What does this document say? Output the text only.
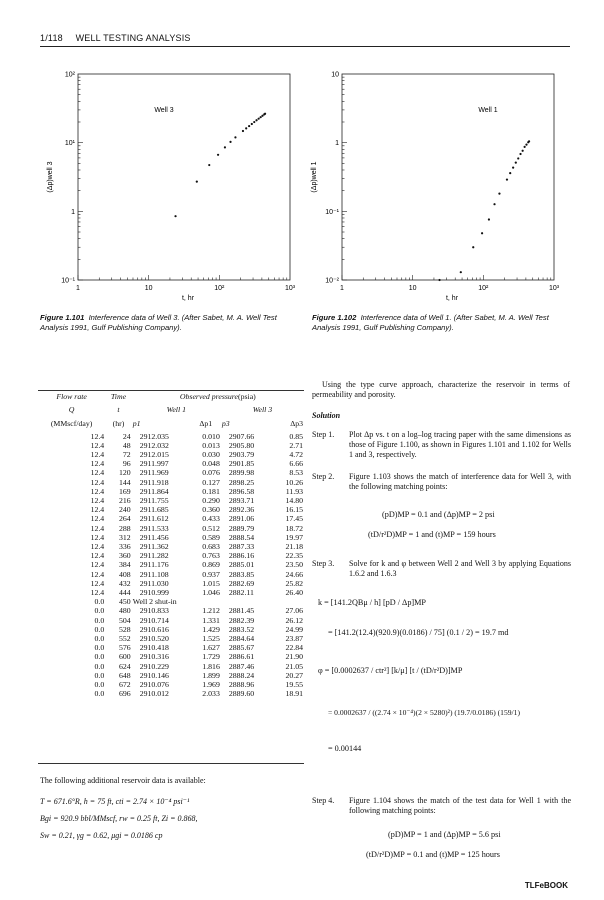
1/118 WELL TESTING ANALYSIS
1	10	10²	10³
10⁻¹
1
10¹
10²
t, hr
(Δp)well 3
Well 3
1	10	10²	10³
10⁻²
10⁻¹
1
10
t, hr
(Δp)well 1
Well 1
Figure 1.101 Interference data of Well 3. (After Sabet, M. A. Well Test Analysis 1991, Gulf Publishing Company).
Figure 1.102 Interference data of Well 1. (After Sabet, M. A. Well Test Analysis 1991, Gulf Publishing Company).
Flow rate	Time	Observed pressure(psia)			
Q	t	Well 1		Well 3	
(MMscf/day)	(hr)	p1	Δp1	p3	Δp3
12.4	24	2912.035	0.010	2907.66	0.85
12.4	48	2912.032	0.013	2905.80	2.71
12.4	72	2912.015	0.030	2903.79	4.72
12.4	96	2911.997	0.048	2901.85	6.66
12.4	120	2911.969	0.076	2899.98	8.53
12.4	144	2911.918	0.127	2898.25	10.26
12.4	169	2911.864	0.181	2896.58	11.93
12.4	216	2911.755	0.290	2893.71	14.80
12.4	240	2911.685	0.360	2892.36	16.15
12.4	264	2911.612	0.433	2891.06	17.45
12.4	288	2911.533	0.512	2889.79	18.72
12.4	312	2911.456	0.589	2888.54	19.97
12.4	336	2911.362	0.683	2887.33	21.18
12.4	360	2911.282	0.763	2886.16	22.35
12.4	384	2911.176	0.869	2885.01	23.50
12.4	408	2911.108	0.937	2883.85	24.66
12.4	432	2911.030	1.015	2882.69	25.82
12.4	444	2910.999	1.046	2882.11	26.40
0.0	450	Well 2 shut-in			
0.0	480	2910.833	1.212	2881.45	27.06
0.0	504	2910.714	1.331	2882.39	26.12
0.0	528	2910.616	1.429	2883.52	24.99
0.0	552	2910.520	1.525	2884.64	23.87
0.0	576	2910.418	1.627	2885.67	22.84
0.0	600	2910.316	1.729	2886.61	21.90
0.0	624	2910.229	1.816	2887.46	21.05
0.0	648	2910.146	1.899	2888.24	20.27
0.0	672	2910.076	1.969	2888.96	19.55
0.0	696	2910.012	2.033	2889.60	18.91
The following additional reservoir data is available:
T = 671.6°R, h = 75 ft, cti = 2.74 × 10⁻⁴ psi⁻¹
Bgi = 920.9 bbl/MMscf, rw = 0.25 ft, Zi = 0.868,
Sw = 0.21, γg = 0.62, μgi = 0.0186 cp
Using the type curve approach, characterize the reservoir in terms of permeability and porosity.
Solution
Step 1. Plot Δp vs. t on a log–log tracing paper with the same dimensions as those of Figure 1.100, as shown in Figures 1.101 and 1.102 for Wells 1 and 3, respectively.
Step 2. Figure 1.103 shows the match of interference data for Well 3, with the following matching points:
(pD)MP = 0.1 and (Δp)MP = 2 psi
(tD/r²D)MP = 1 and (t)MP = 159 hours
Step 3. Solve for k and φ between Well 2 and Well 3 by applying Equations 1.6.2 and 1.6.3
k = [141.2QBμ / h] [pD / Δp]MP
= [141.2(12.4)(920.9)(0.0186) / 75] (0.1 / 2) = 19.7 md
φ = [0.0002637 / ctr²] [k/μ] [t / (tD/r²D)]MP
= 0.0002637 / ((2.74 × 10⁻⁴)(2 × 5280)²) (19.7/0.0186) (159/1)
= 0.00144
Step 4. Figure 1.104 shows the match of the test data for Well 1 with the following matching points:
(pD)MP = 1 and (Δp)MP = 5.6 psi
(tD/r²D)MP = 0.1 and (t)MP = 125 hours
TLFeBOOK
